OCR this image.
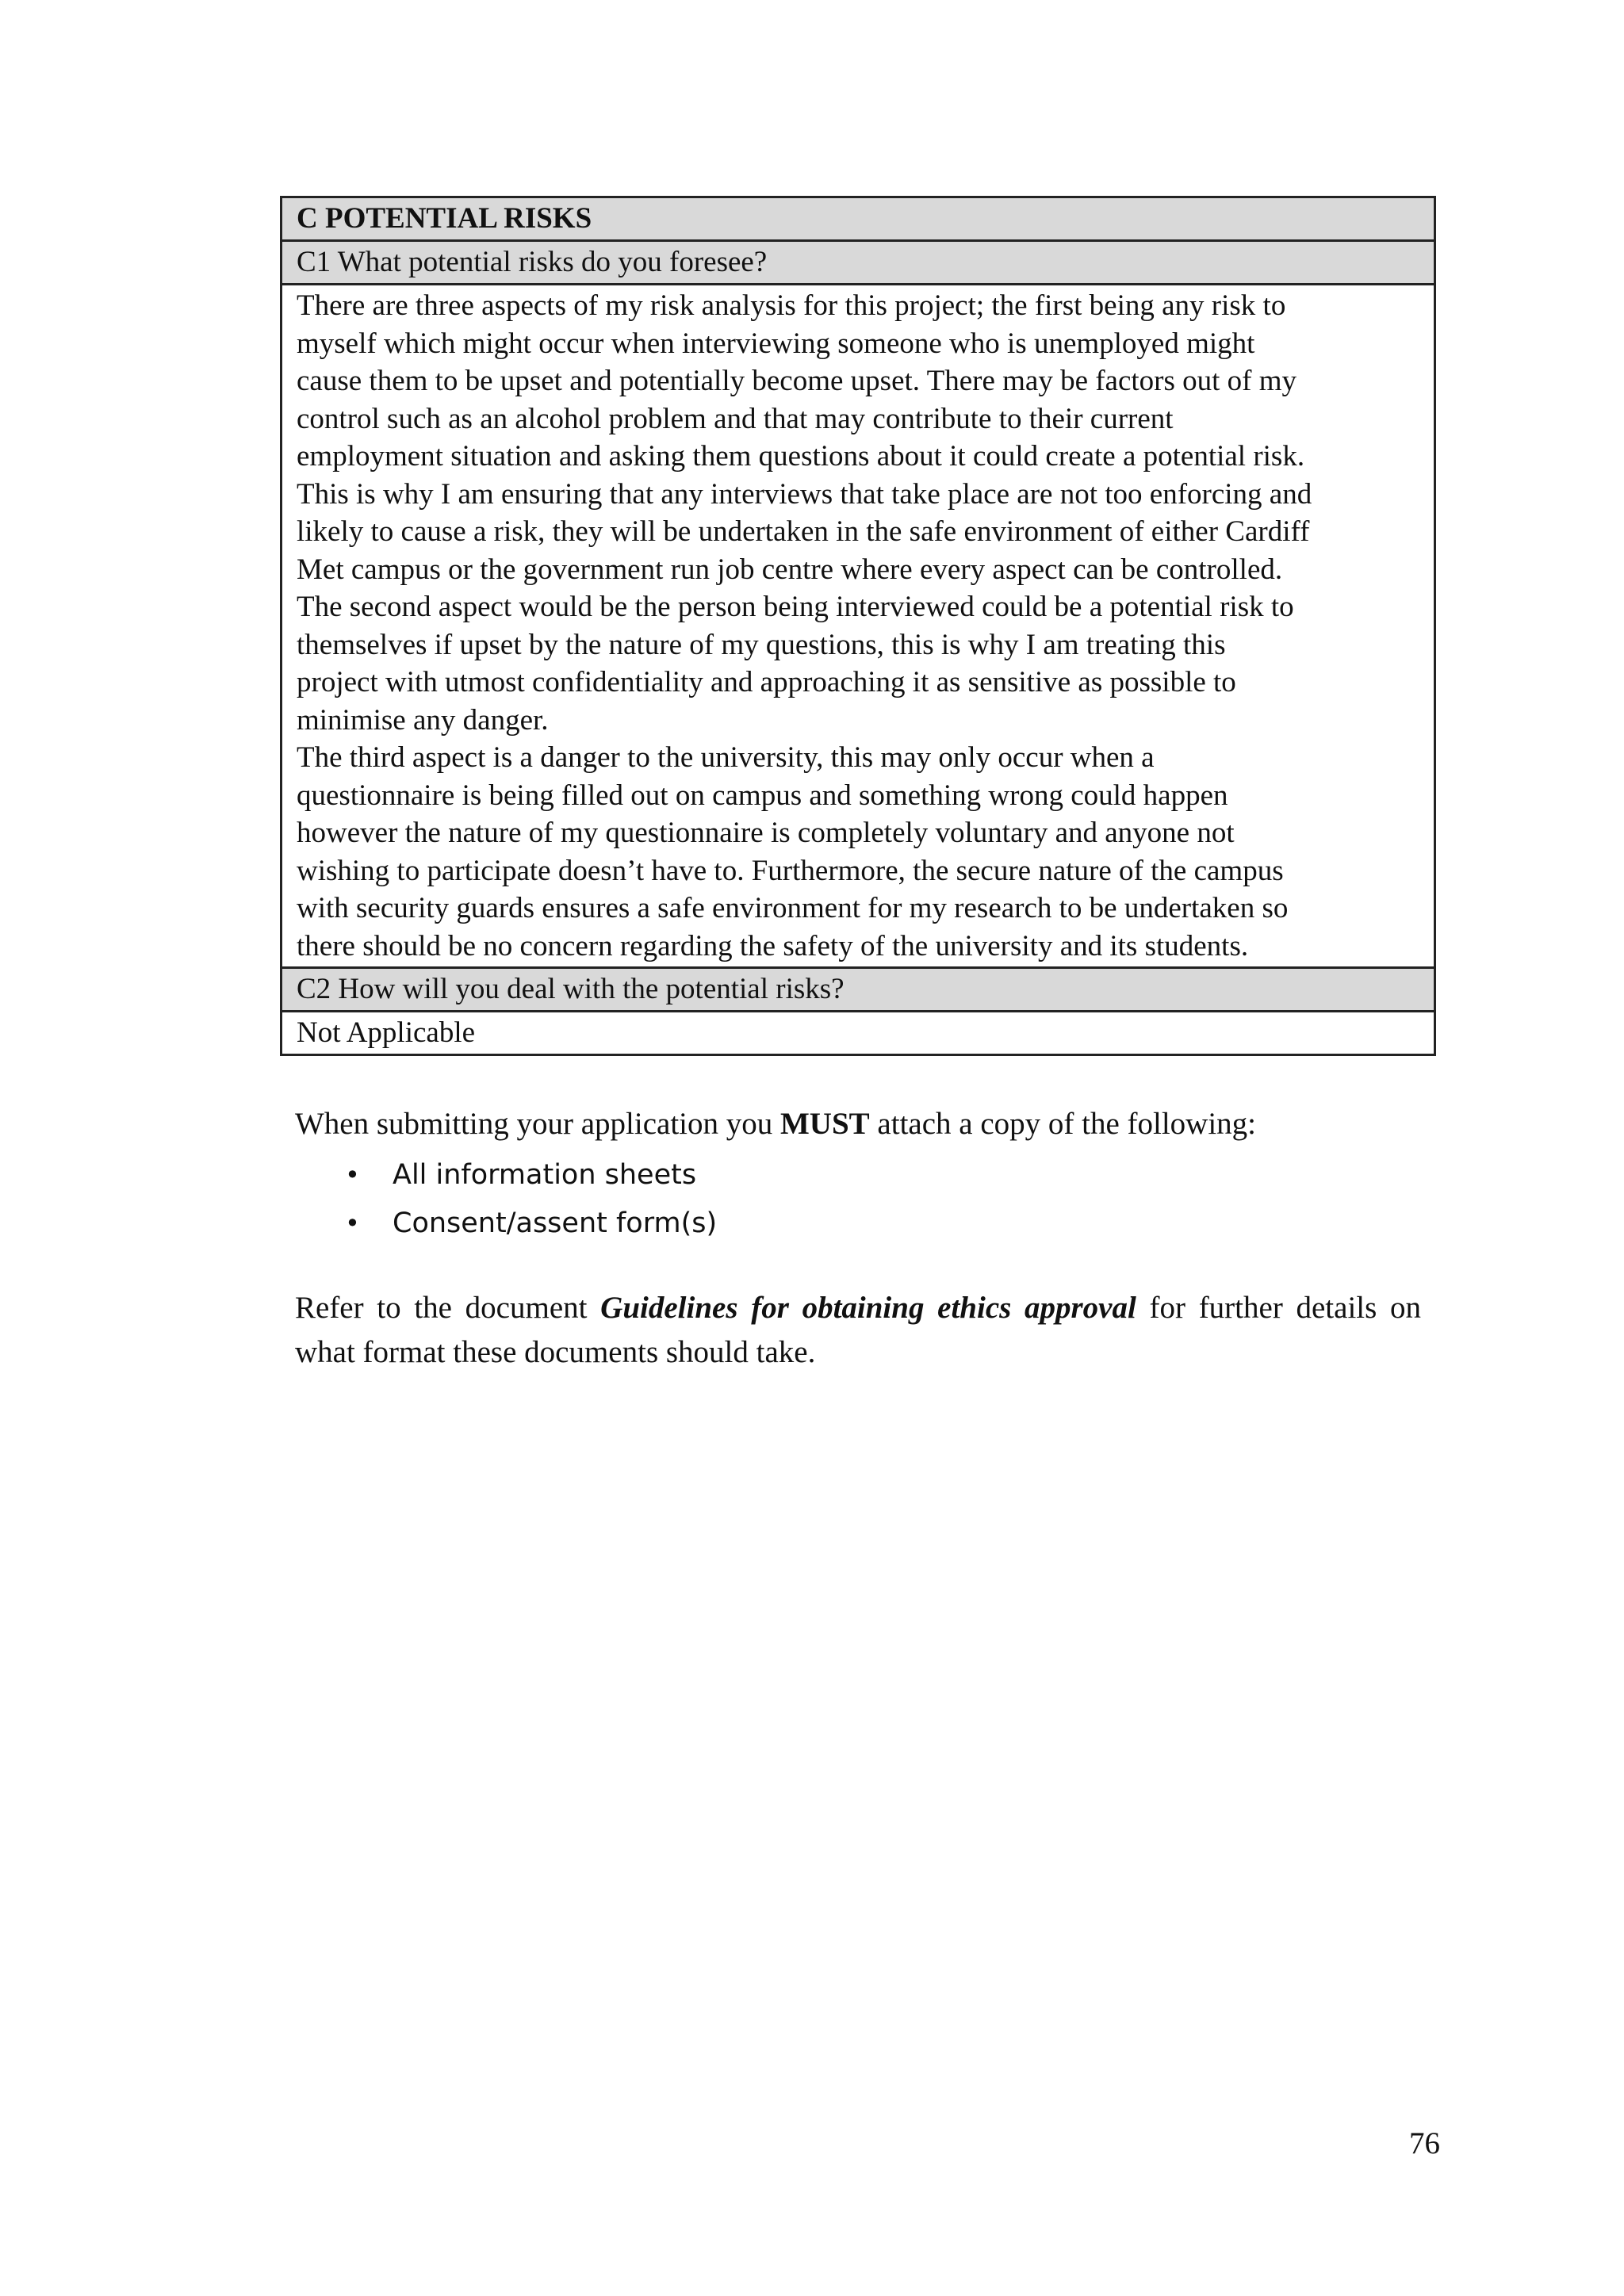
C POTENTIAL RISKS
C1 What potential risks do you foresee?

There are three aspects of my risk analysis for this project; the first being any risk to

myself which might occur when interviewing someone who is unemployed might

cause them to be upset and potentially become upset. There may be factors out of my

control such as an alcohol problem and that may contribute to their current

employment situation and asking them questions about it could create a potential risk.

This is why I am ensuring that any interviews that take place are not too enforcing and

likely to cause a risk, they will be undertaken in the safe environment of either Cardiff

Met campus or the government run job centre where every aspect can be controlled.

The second aspect would be the person being interviewed could be a potential risk to

themselves if upset by the nature of my questions, this is why I am treating this

project with utmost confidentiality and approaching it as sensitive as possible to

minimise any danger.

The third aspect is a danger to the university, this may only occur when a

questionnaire is being filled out on campus and something wrong could happen

however the nature of my questionnaire is completely voluntary and anyone not

wishing to participate doesn’t have to. Furthermore, the secure nature of the campus

with security guards ensures a safe environment for my research to be undertaken so

there should be no concern regarding the safety of the university and its students.

C2 How will you deal with the potential risks?
Not Applicable
When submitting your application you MUST attach a copy of the following:
• All information sheets
• Consent/assent form(s)
Refer to the document Guidelines for obtaining ethics approval for further details on what format these documents should take.
76
